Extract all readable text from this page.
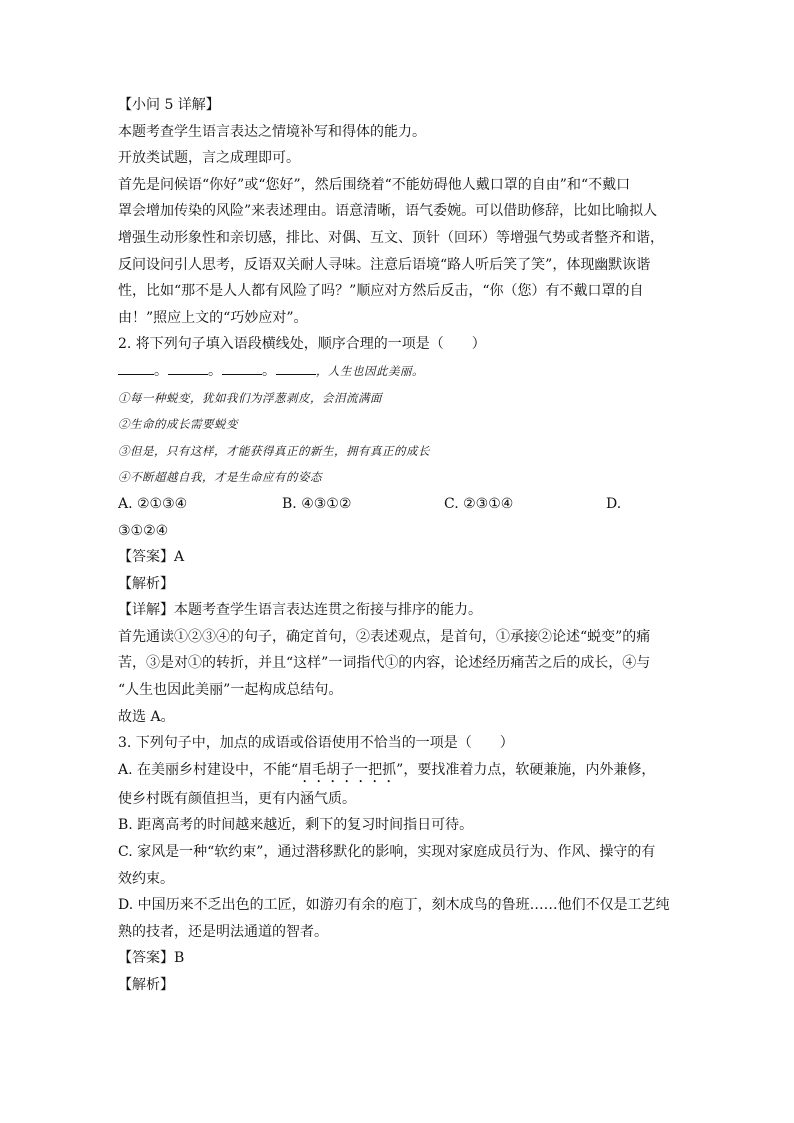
【小问 5 详解】

本题考查学生语言表达之情境补写和得体的能力。

开放类试题，言之成理即可。

首先是问候语“你好”或“您好”，然后围绕着“不能妨碍他人戴口罩的自由”和“不戴口

罩会增加传染的风险”来表述理由。语意清晰，语气委婉。可以借助修辞，比如比喻拟人

增强生动形象性和亲切感，排比、对偶、互文、顶针（回环）等增强气势或者整齐和谐，

反问设问引人思考，反语双关耐人寻味。注意后语境“路人听后笑了笑”，体现幽默诙谐

性，比如“那不是人人都有风险了吗？”顺应对方然后反击，“你（您）有不戴口罩的自

由！”照应上文的“巧妙应对”。

2. 将下列句子填入语段横线处，顺序合理的一项是（　　）

。	。	。	，人生也因此美丽。

①每一种蜕变，犹如我们为浮葱剥皮，会泪流满面

②生命的成长需要蜕变

③但是，只有这样，才能获得真正的新生，拥有真正的成长

④不断超越自我，才是生命应有的姿态

A. ②①③④	B. ④③①②	C. ②③①④	D.

③①②④

【答案】A

【解析】

【详解】本题考查学生语言表达连贯之衔接与排序的能力。

首先通读①②③④的句子，确定首句，②表述观点，是首句，①承接②论述“蜕变”的痛

苦，③是对①的转折，并且“这样”一词指代①的内容，论述经历痛苦之后的成长，④与

“人生也因此美丽”一起构成总结句。

故选 A。

3. 下列句子中，加点的成语或俗语使用不恰当的一项是（　　）

A. 在美丽乡村建设中，不能“眉毛胡子一把抓”，要找准着力点，软硬兼施，内外兼修，

使乡村既有颜值担当，更有内涵气质。

B. 距离高考的时间越来越近，剩下的复习时间指日可待。

C. 家风是一种“软约束”，通过潜移默化的影响，实现对家庭成员行为、作风、操守的有

效约束。

D. 中国历来不乏出色的工匠，如游刃有余的庖丁，刻木成鸟的鲁班……他们不仅是工艺纯

熟的技者，还是明法通道的智者。

【答案】B

【解析】
